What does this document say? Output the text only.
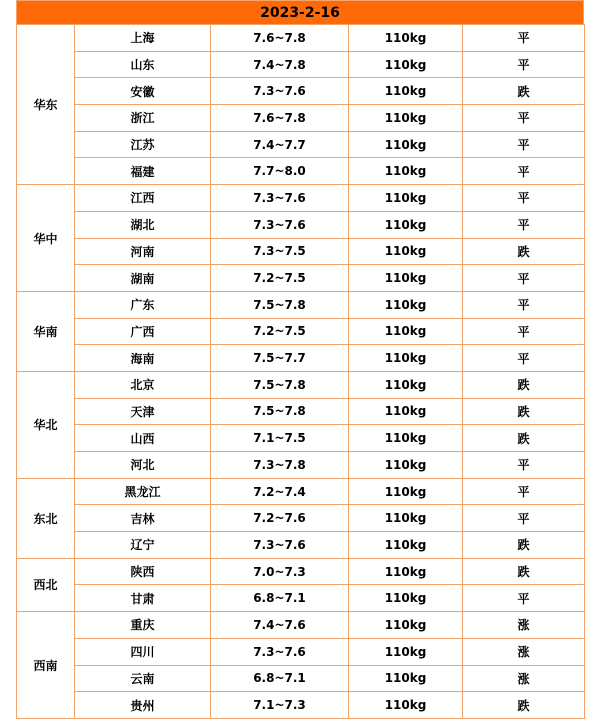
2023-2-16
华东	上海	7.6~7.8	110kg	平
	山东	7.4~7.8	110kg	平
	安徽	7.3~7.6	110kg	跌
	浙江	7.6~7.8	110kg	平
	江苏	7.4~7.7	110kg	平
	福建	7.7~8.0	110kg	平
华中	江西	7.3~7.6	110kg	平
	湖北	7.3~7.6	110kg	平
	河南	7.3~7.5	110kg	跌
	湖南	7.2~7.5	110kg	平
华南	广东	7.5~7.8	110kg	平
	广西	7.2~7.5	110kg	平
	海南	7.5~7.7	110kg	平
华北	北京	7.5~7.8	110kg	跌
	天津	7.5~7.8	110kg	跌
	山西	7.1~7.5	110kg	跌
	河北	7.3~7.8	110kg	平
东北	黑龙江	7.2~7.4	110kg	平
	吉林	7.2~7.6	110kg	平
	辽宁	7.3~7.6	110kg	跌
西北	陕西	7.0~7.3	110kg	跌
	甘肃	6.8~7.1	110kg	平
西南	重庆	7.4~7.6	110kg	涨
	四川	7.3~7.6	110kg	涨
	云南	6.8~7.1	110kg	涨
	贵州	7.1~7.3	110kg	跌
